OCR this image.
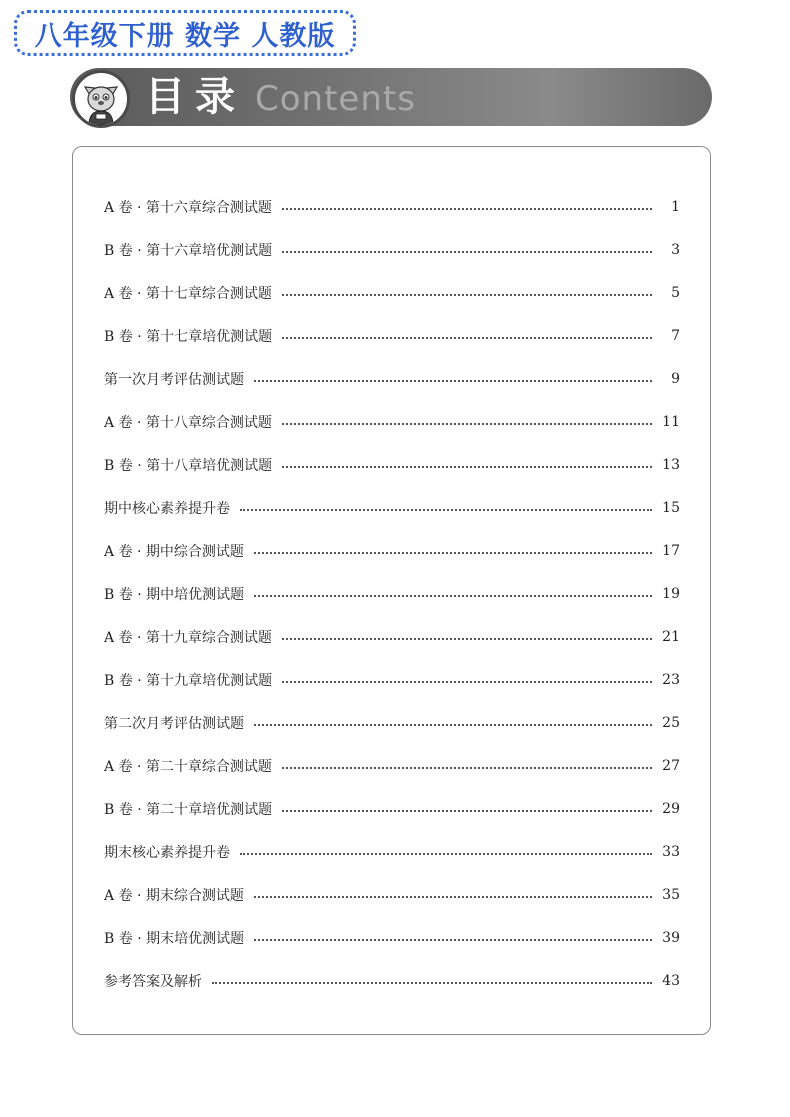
八年级下册 数学 人教版
目录 Contents
A 卷 · 第十六章综合测试题	1
B 卷 · 第十六章培优测试题	3
A 卷 · 第十七章综合测试题	5
B 卷 · 第十七章培优测试题	7
第一次月考评估测试题	9
A 卷 · 第十八章综合测试题	11
B 卷 · 第十八章培优测试题	13
期中核心素养提升卷	15
A 卷 · 期中综合测试题	17
B 卷 · 期中培优测试题	19
A 卷 · 第十九章综合测试题	21
B 卷 · 第十九章培优测试题	23
第二次月考评估测试题	25
A 卷 · 第二十章综合测试题	27
B 卷 · 第二十章培优测试题	29
期末核心素养提升卷	33
A 卷 · 期末综合测试题	35
B 卷 · 期末培优测试题	39
参考答案及解析	43
